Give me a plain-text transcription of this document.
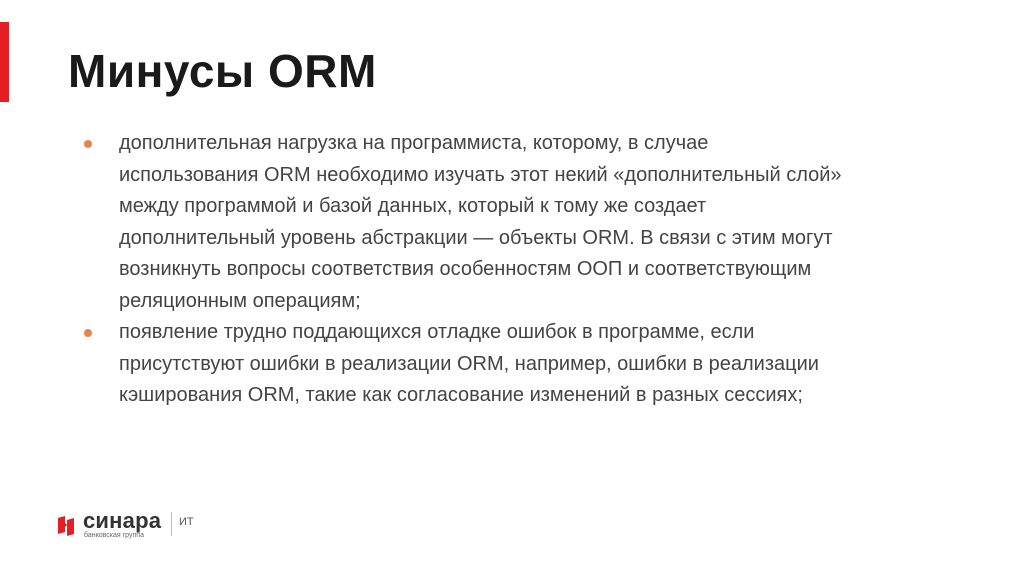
Минусы ORM
дополнительная нагрузка на программиста, которому, в случае
использования ORM необходимо изучать этот некий «дополнительный слой»
между программой и базой данных, который к тому же создает
дополнительный уровень абстракции — объекты ORM. В связи с этим могут
возникнуть вопросы соответствия особенностям ООП и соответствующим
реляционным операциям;
появление трудно поддающихся отладке ошибок в программе, если
присутствуют ошибки в реализации ORM, например, ошибки в реализации
кэширования ORM, такие как согласование изменений в разных сессиях;
синара
банковская группа
ИТ
